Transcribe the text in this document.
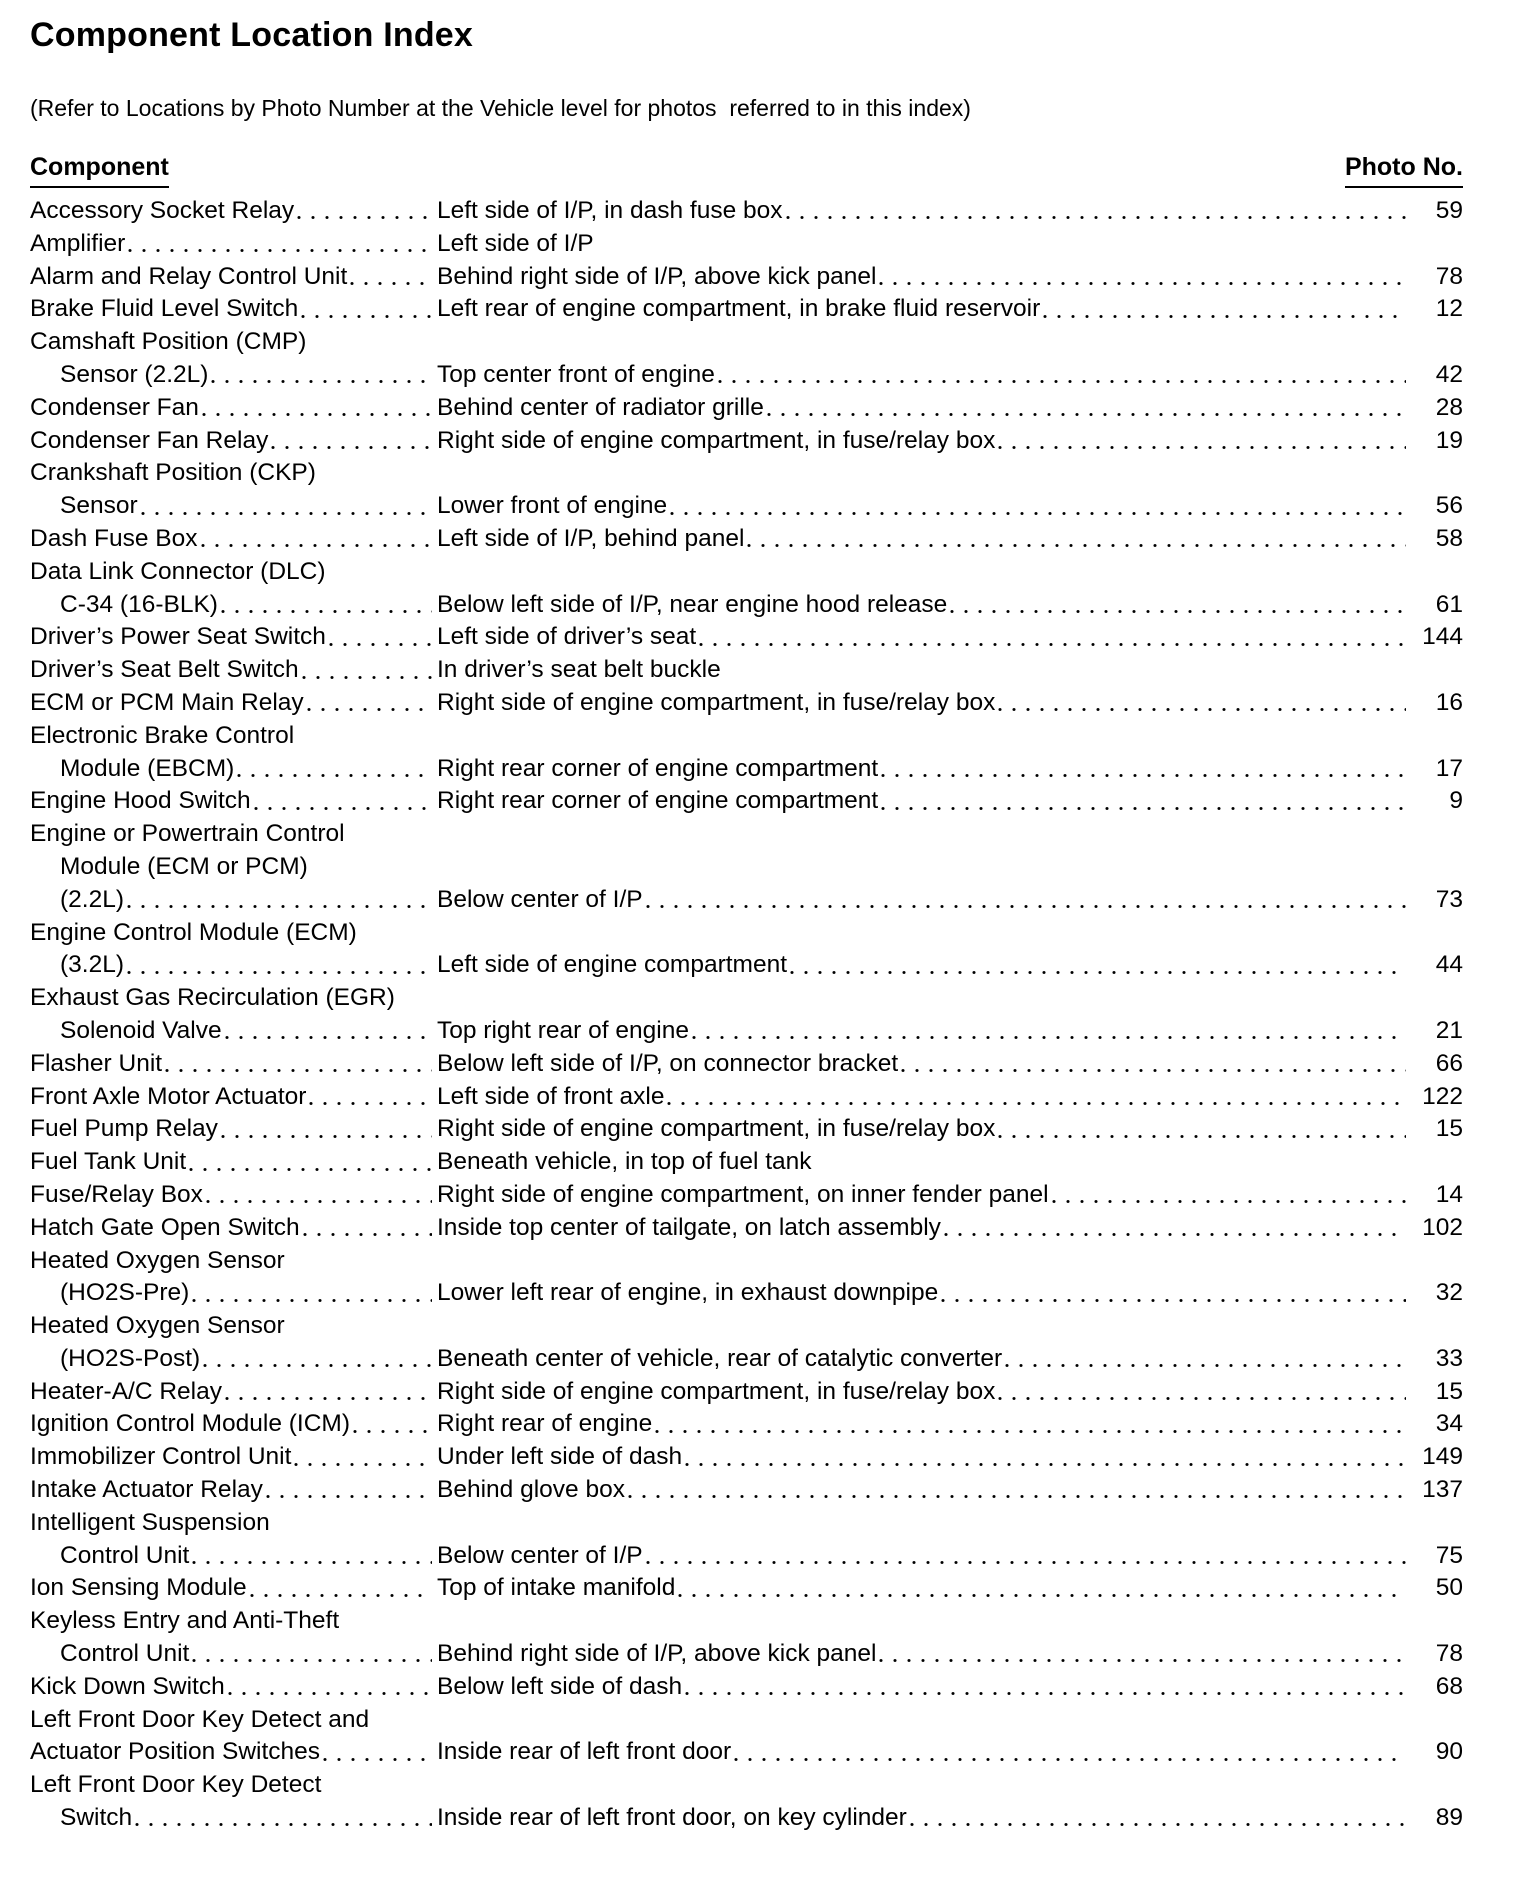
Component Location Index

(Refer to Locations by Photo Number at the Vehicle level for photos  referred to in this index)

Component	Photo No.
Accessory Socket Relay	Left side of I/P, in dash fuse box	59
Amplifier	Left side of I/P
Alarm and Relay Control Unit	Behind right side of I/P, above kick panel	78
Brake Fluid Level Switch	Left rear of engine compartment, in brake fluid reservoir	12
Camshaft Position (CMP)
Sensor (2.2L)	Top center front of engine	42
Condenser Fan	Behind center of radiator grille	28
Condenser Fan Relay	Right side of engine compartment, in fuse/relay box	19
Crankshaft Position (CKP)
Sensor	Lower front of engine	56
Dash Fuse Box	Left side of I/P, behind panel	58
Data Link Connector (DLC)
C-34 (16-BLK)	Below left side of I/P, near engine hood release	61
Driver’s Power Seat Switch	Left side of driver’s seat	144
Driver’s Seat Belt Switch	In driver’s seat belt buckle
ECM or PCM Main Relay	Right side of engine compartment, in fuse/relay box	16
Electronic Brake Control
Module (EBCM)	Right rear corner of engine compartment	17
Engine Hood Switch	Right rear corner of engine compartment	9
Engine or Powertrain Control
Module (ECM or PCM)
(2.2L)	Below center of I/P	73
Engine Control Module (ECM)
(3.2L)	Left side of engine compartment	44
Exhaust Gas Recirculation (EGR)
Solenoid Valve	Top right rear of engine	21
Flasher Unit	Below left side of I/P, on connector bracket	66
Front Axle Motor Actuator	Left side of front axle	122
Fuel Pump Relay	Right side of engine compartment, in fuse/relay box	15
Fuel Tank Unit	Beneath vehicle, in top of fuel tank
Fuse/Relay Box	Right side of engine compartment, on inner fender panel	14
Hatch Gate Open Switch	Inside top center of tailgate, on latch assembly	102
Heated Oxygen Sensor
(HO2S-Pre)	Lower left rear of engine, in exhaust downpipe	32
Heated Oxygen Sensor
(HO2S-Post)	Beneath center of vehicle, rear of catalytic converter	33
Heater-A/C Relay	Right side of engine compartment, in fuse/relay box	15
Ignition Control Module (ICM)	Right rear of engine	34
Immobilizer Control Unit	Under left side of dash	149
Intake Actuator Relay	Behind glove box	137
Intelligent Suspension
Control Unit	Below center of I/P	75
Ion Sensing Module	Top of intake manifold	50
Keyless Entry and Anti-Theft
Control Unit	Behind right side of I/P, above kick panel	78
Kick Down Switch	Below left side of dash	68
Left Front Door Key Detect and
Actuator Position Switches	Inside rear of left front door	90
Left Front Door Key Detect
Switch	Inside rear of left front door, on key cylinder	89
